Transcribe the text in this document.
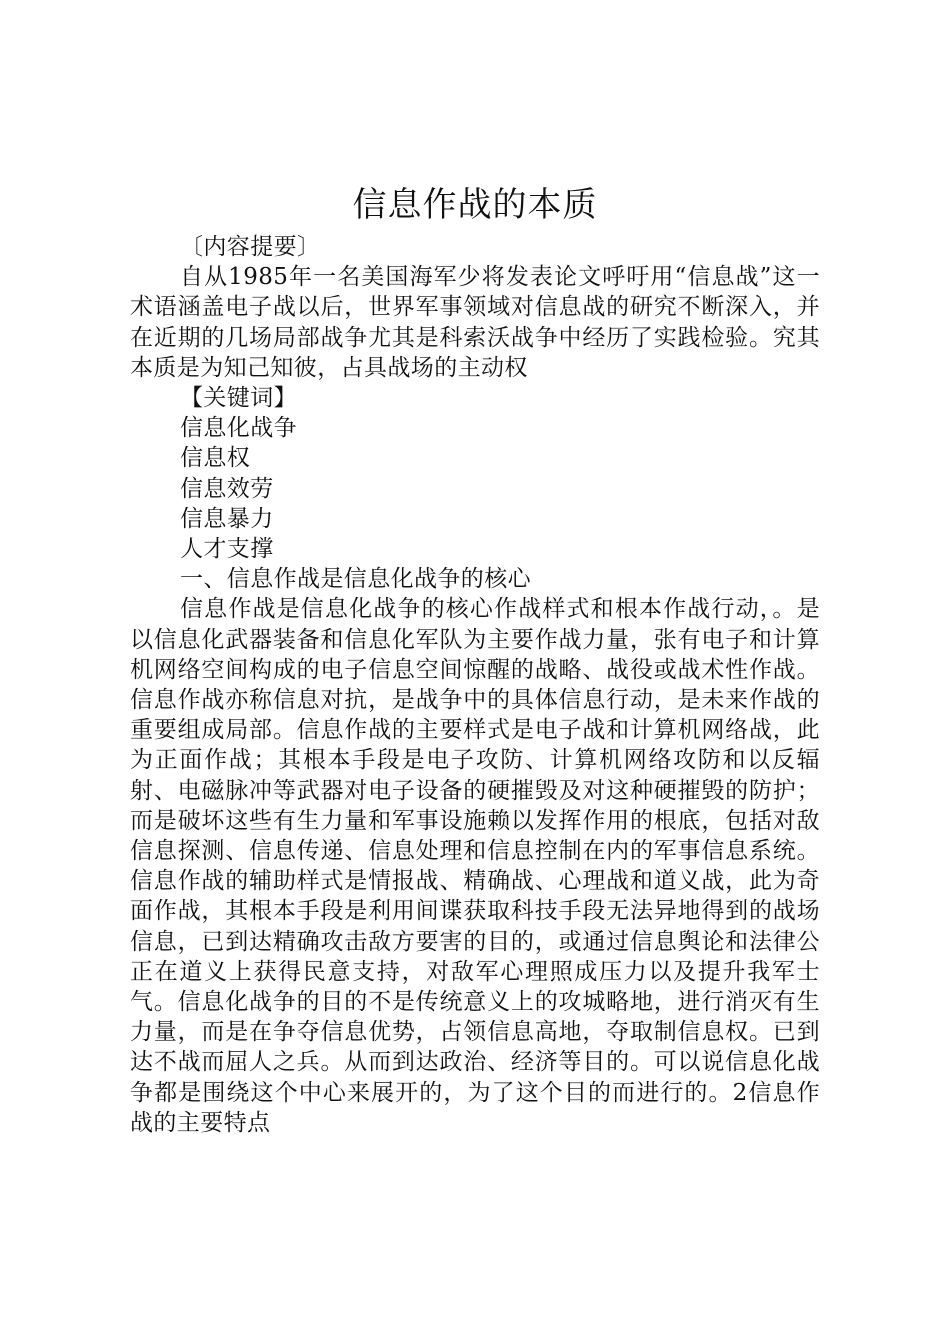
信息作战的本质

〔内容提要〕

自从1985年一名美国海军少将发表论文呼吁用“信息战”这一术语涵盖电子战以后，世界军事领域对信息战的研究不断深入，并在近期的几场局部战争尤其是科索沃战争中经历了实践检验。究其本质是为知己知彼，占具战场的主动权

【关键词】

信息化战争

信息权

信息效劳

信息暴力

人才支撑

一、信息作战是信息化战争的核心

信息作战是信息化战争的核心作战样式和根本作战行动，。是以信息化武器装备和信息化军队为主要作战力量，张有电子和计算机网络空间构成的电子信息空间惊醒的战略、战役或战术性作战。信息作战亦称信息对抗，是战争中的具体信息行动，是未来作战的重要组成局部。信息作战的主要样式是电子战和计算机网络战，此为正面作战；其根本手段是电子攻防、计算机网络攻防和以反辐射、电磁脉冲等武器对电子设备的硬摧毁及对这种硬摧毁的防护；而是破坏这些有生力量和军事设施赖以发挥作用的根底，包括对敌信息探测、信息传递、信息处理和信息控制在内的军事信息系统。信息作战的辅助样式是情报战、精确战、心理战和道义战，此为奇面作战，其根本手段是利用间谍获取科技手段无法异地得到的战场信息，已到达精确攻击敌方要害的目的，或通过信息舆论和法律公正在道义上获得民意支持，对敌军心理照成压力以及提升我军士气。信息化战争的目的不是传统意义上的攻城略地，进行消灭有生力量，而是在争夺信息优势，占领信息高地，夺取制信息权。已到达不战而屈人之兵。从而到达政治、经济等目的。可以说信息化战争都是围绕这个中心来展开的，为了这个目的而进行的。2信息作战的主要特点
